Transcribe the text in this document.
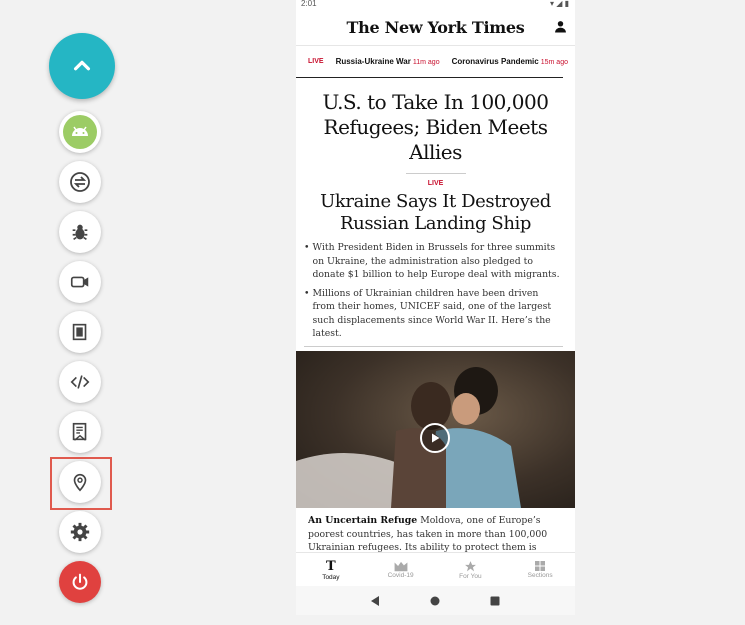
2:01	▾ ◢ ▮
The New York Times
LIVE Russia-Ukraine War 11m ago Coronavirus Pandemic 15m ago
U.S. to Take In 100,000 Refugees; Biden Meets Allies
LIVE
Ukraine Says It Destroyed Russian Landing Ship
• With President Biden in Brussels for three summits on Ukraine, the administration also pledged to donate $1 billion to help Europe deal with migrants.
• Millions of Ukrainian children have been driven from their homes, UNICEF said, one of the largest such displacements since World War II. Here’s the latest.
An Uncertain Refuge Moldova, one of Europe’s poorest countries, has taken in more than 100,000 Ukrainian refugees. Its ability to protect them is
T
Today	Covid-19	For You	Sections
